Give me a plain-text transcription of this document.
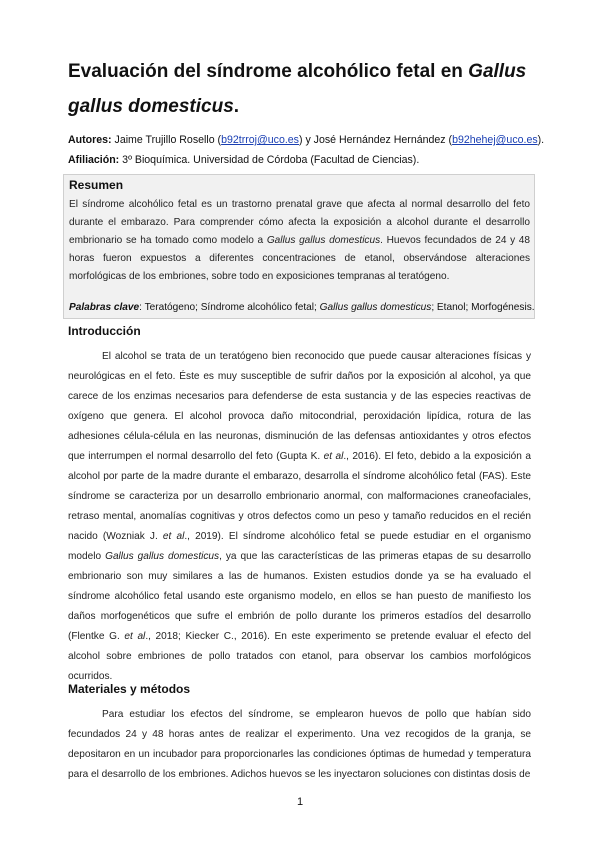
Evaluación del síndrome alcohólico fetal en Gallus gallus domesticus.

Autores: Jaime Trujillo Rosello (b92trroj@uco.es) y José Hernández Hernández (b92hehej@uco.es).

Afiliación: 3º Bioquímica. Universidad de Córdoba (Facultad de Ciencias).

Resumen

El síndrome alcohólico fetal es un trastorno prenatal grave que afecta al normal desarrollo del feto durante el embarazo. Para comprender cómo afecta la exposición a alcohol durante el desarrollo embrionario se ha tomado como modelo a Gallus gallus domesticus. Huevos fecundados de 24 y 48 horas fueron expuestos a diferentes concentraciones de etanol, observándose alteraciones morfológicas de los embriones, sobre todo en exposiciones tempranas al teratógeno.

Palabras clave: Teratógeno; Síndrome alcohólico fetal; Gallus gallus domesticus; Etanol; Morfogénesis.

Introducción

El alcohol se trata de un teratógeno bien reconocido que puede causar alteraciones físicas y neurológicas en el feto. Éste es muy susceptible de sufrir daños por la exposición al alcohol, ya que carece de los enzimas necesarios para defenderse de esta sustancia y de las especies reactivas de oxígeno que genera. El alcohol provoca daño mitocondrial, peroxidación lipídica, rotura de las adhesiones célula-célula en las neuronas, disminución de las defensas antioxidantes y otros efectos que interrumpen el normal desarrollo del feto (Gupta K. et al., 2016). El feto, debido a la exposición a alcohol por parte de la madre durante el embarazo, desarrolla el síndrome alcohólico fetal (FAS). Este síndrome se caracteriza por un desarrollo embrionario anormal, con malformaciones craneofaciales, retraso mental, anomalías cognitivas y otros defectos como un peso y tamaño reducidos en el recién nacido (Wozniak J. et al., 2019). El síndrome alcohólico fetal se puede estudiar en el organismo modelo Gallus gallus domesticus, ya que las características de las primeras etapas de su desarrollo embrionario son muy similares a las de humanos. Existen estudios donde ya se ha evaluado el síndrome alcohólico fetal usando este organismo modelo, en ellos se han puesto de manifiesto los daños morfogenéticos que sufre el embrión de pollo durante los primeros estadíos del desarrollo (Flentke G. et al., 2018; Kiecker C., 2016). En este experimento se pretende evaluar el efecto del alcohol sobre embriones de pollo tratados con etanol, para observar los cambios morfológicos ocurridos.

Materiales y métodos

Para estudiar los efectos del síndrome, se emplearon huevos de pollo que habían sido fecundados 24 y 48 horas antes de realizar el experimento. Una vez recogidos de la granja, se depositaron en un incubador para proporcionarles las condiciones óptimas de humedad y temperatura para el desarrollo de los embriones. Adichos huevos se les inyectaron soluciones con distintas dosis de

1
